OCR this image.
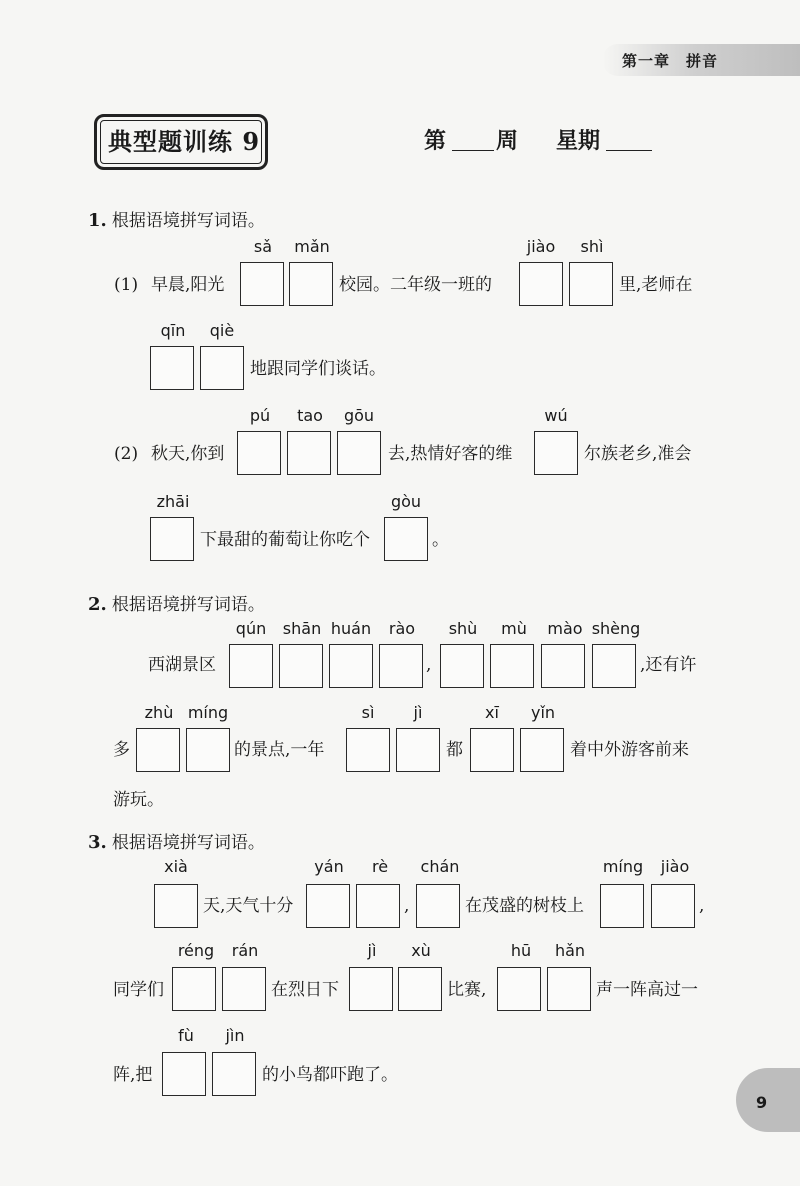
第一章　拼音
典型题训练 9	第 周 星期
1. 根据语境拼写词语。
sǎ mǎn	jiào shì
(1) 早晨,阳光	校园。二年级一班的	里,老师在
qīn qiè
地跟同学们谈话。
pú tao gōu	wú
(2) 秋天,你到	去,热情好客的维	尔族老乡,准会
zhāi	gòu
下最甜的葡萄让你吃个	。
2. 根据语境拼写词语。
qún shān huán rào shù mù mào shèng
西湖景区	,	,还有许
zhù míng	sì jì	xī yǐn
多	的景点,一年	都	着中外游客前来
游玩。
3. 根据语境拼写词语。
xià	yán rè chán	míng jiào
天,天气十分	,	在茂盛的树枝上	,
réng rán	jì xù	hū hǎn
同学们	在烈日下	比赛,	声一阵高过一
fù jìn
阵,把	的小鸟都吓跑了。
9
